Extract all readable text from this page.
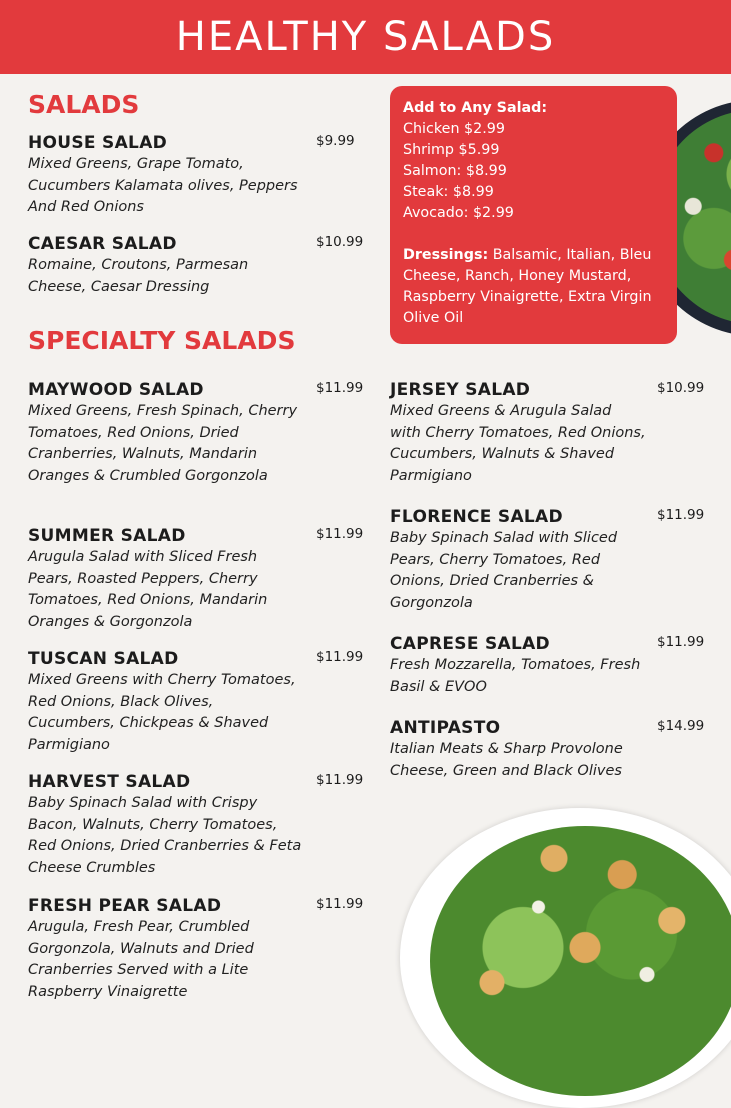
HEALTHY SALADS
SALADS
HOUSE SALAD
Mixed Greens, Grape Tomato, Cucumbers Kalamata olives, Peppers And Red Onions
$9.99
CAESAR SALAD
Romaine, Croutons, Parmesan Cheese, Caesar Dressing
$10.99
Add to Any Salad:
Chicken $2.99
Shrimp $5.99
Salmon: $8.99
Steak: $8.99
Avocado: $2.99
Dressings: Balsamic, Italian, Bleu Cheese, Ranch, Honey Mustard, Raspberry Vinaigrette, Extra Virgin Olive Oil
SPECIALTY SALADS
MAYWOOD SALAD
Mixed Greens, Fresh Spinach, Cherry Tomatoes, Red Onions, Dried Cranberries, Walnuts, Mandarin Oranges & Crumbled Gorgonzola
$11.99
SUMMER SALAD
Arugula Salad with Sliced Fresh Pears, Roasted Peppers, Cherry Tomatoes, Red Onions, Mandarin Oranges & Gorgonzola
$11.99
TUSCAN SALAD
Mixed Greens with Cherry Tomatoes, Red Onions, Black Olives, Cucumbers, Chickpeas & Shaved Parmigiano
$11.99
HARVEST SALAD
Baby Spinach Salad with Crispy Bacon, Walnuts, Cherry Tomatoes, Red Onions, Dried Cranberries & Feta Cheese Crumbles
$11.99
FRESH PEAR SALAD
Arugula, Fresh Pear, Crumbled Gorgonzola, Walnuts and Dried Cranberries Served with a Lite Raspberry Vinaigrette
$11.99
JERSEY SALAD
Mixed Greens & Arugula Salad with Cherry Tomatoes, Red Onions, Cucumbers, Walnuts & Shaved Parmigiano
$10.99
FLORENCE SALAD
Baby Spinach Salad with Sliced Pears, Cherry Tomatoes, Red Onions, Dried Cranberries & Gorgonzola
$11.99
CAPRESE SALAD
Fresh Mozzarella, Tomatoes, Fresh Basil & EVOO
$11.99
ANTIPASTO
Italian Meats & Sharp Provolone Cheese, Green and Black Olives
$14.99
